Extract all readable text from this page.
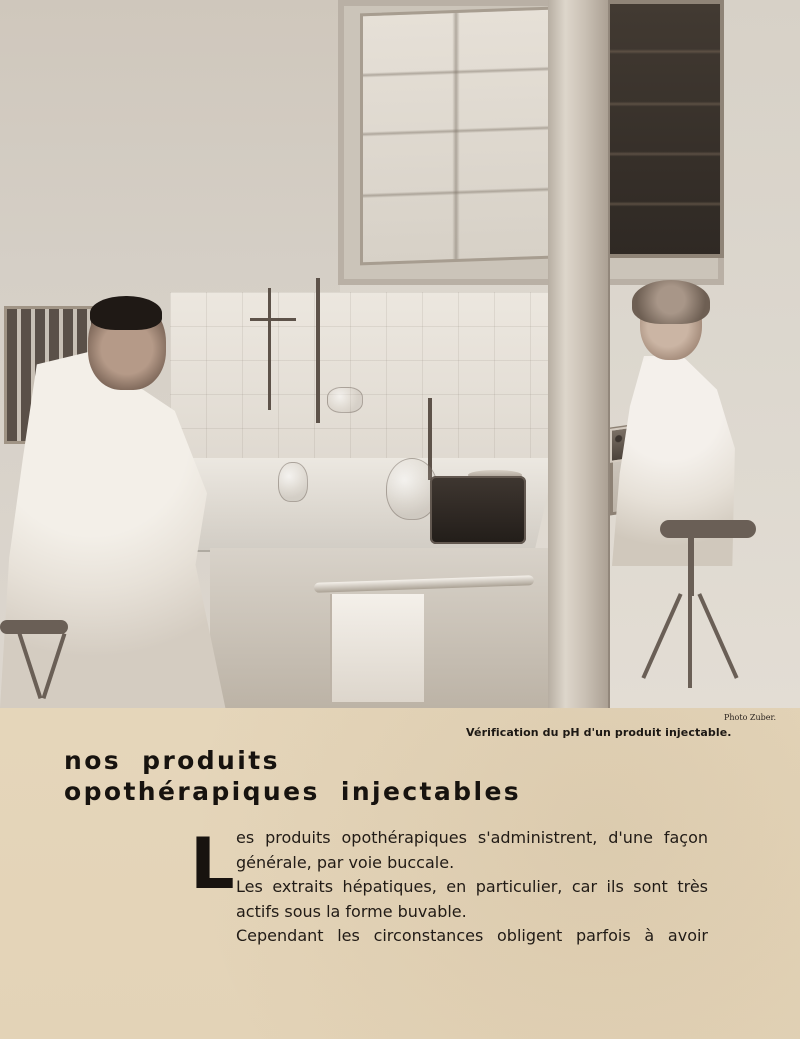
Photo Zuber.
Vérification du pH d'un produit injectable.
nos produits
opothérapiques injectables
L es produits opothérapiques s'administrent, d'une façon générale, par voie buccale.

Les extraits hépatiques, en particulier, car ils sont très actifs sous la forme buvable.

Cependant les circonstances obligent parfois à avoir
